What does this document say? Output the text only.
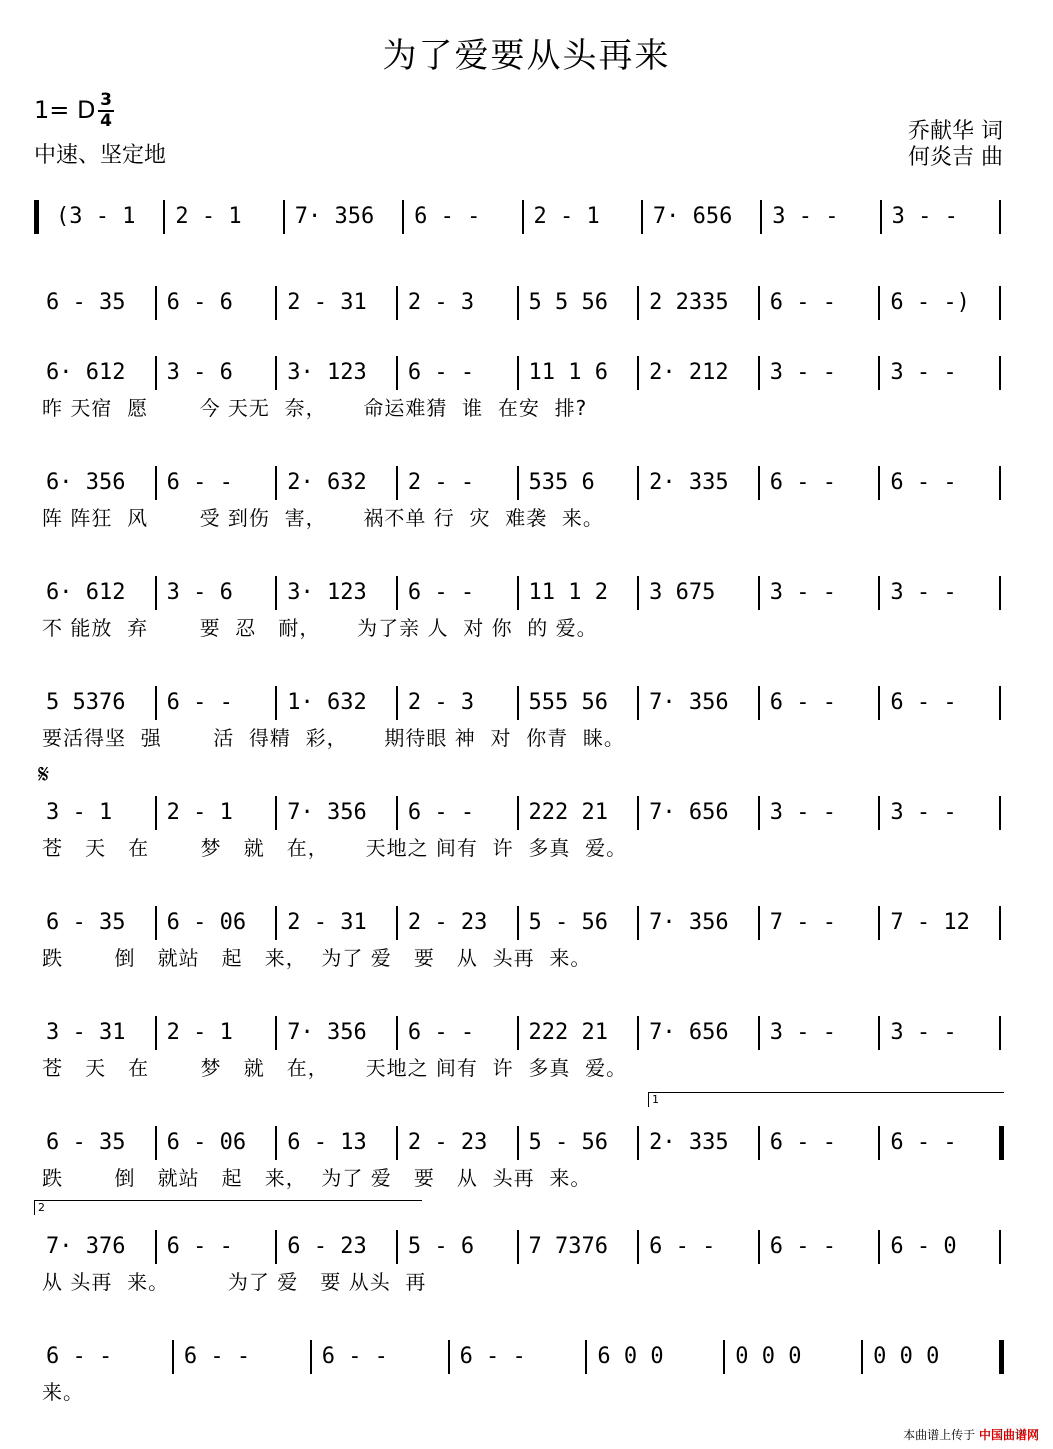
为了爱要从头再来
1= D 3
4
中速、坚定地
乔献华 词
何炎吉 曲
𝄋
1
2
(3 - 1 2 - 1 7· 356 6 - - 2 - 1 7· 656 3 - - 3 - -
6 - 35 6 - 6 2 - 31 2 - 3 5 5 56 2 2335 6 - - 6 - -)
6· 612 3 - 6 3· 123 6 - - 11 1 6 2· 212 3 - - 3 - -
昨 天宿  愿       今 天无  奈，     命运难猜  谁  在安  排?
6· 356 6 - - 2· 632 2 - - 535 6 2· 335 6 - - 6 - -
阵 阵狂  风       受 到伤  害，     祸不单 行  灾  难袭  来。
6· 612 3 - 6 3· 123 6 - - 11 1 2 3 675 3 - - 3 - -
不 能放  弃       要  忍   耐，     为了亲 人  对 你  的 爱。
5 5376 6 - - 1· 632 2 - 3 555 56 7· 356 6 - - 6 - -
要活得坚  强       活  得精  彩，     期待眼 神  对  你青  睐。
3 - 1 2 - 1 7· 356 6 - - 222 21 7· 656 3 - - 3 - -
苍   天   在       梦   就   在，     天地之 间有  许  多真  爱。
6 - 35 6 - 06 2 - 31 2 - 23 5 - 56 7· 356 7 - - 7 - 12
跌       倒   就站   起   来，  为了 爱   要   从  头再  来。
3 - 31 2 - 1 7· 356 6 - - 222 21 7· 656 3 - - 3 - -
苍   天   在       梦   就   在，     天地之 间有  许  多真  爱。
6 - 35 6 - 06 6 - 13 2 - 23 5 - 56 2· 335 6 - - 6 - -
跌       倒   就站   起   来，  为了 爱   要   从  头再  来。
7· 376 6 - - 6 - 23 5 - 6 7 7376 6 - - 6 - - 6 - 0
从 头再  来。        为了 爱   要 从头  再
6 - -	6 - -	6 - -	6 - -	6 0 0	0 0 0	0 0 0
来。
本曲谱上传于 中国曲谱网
